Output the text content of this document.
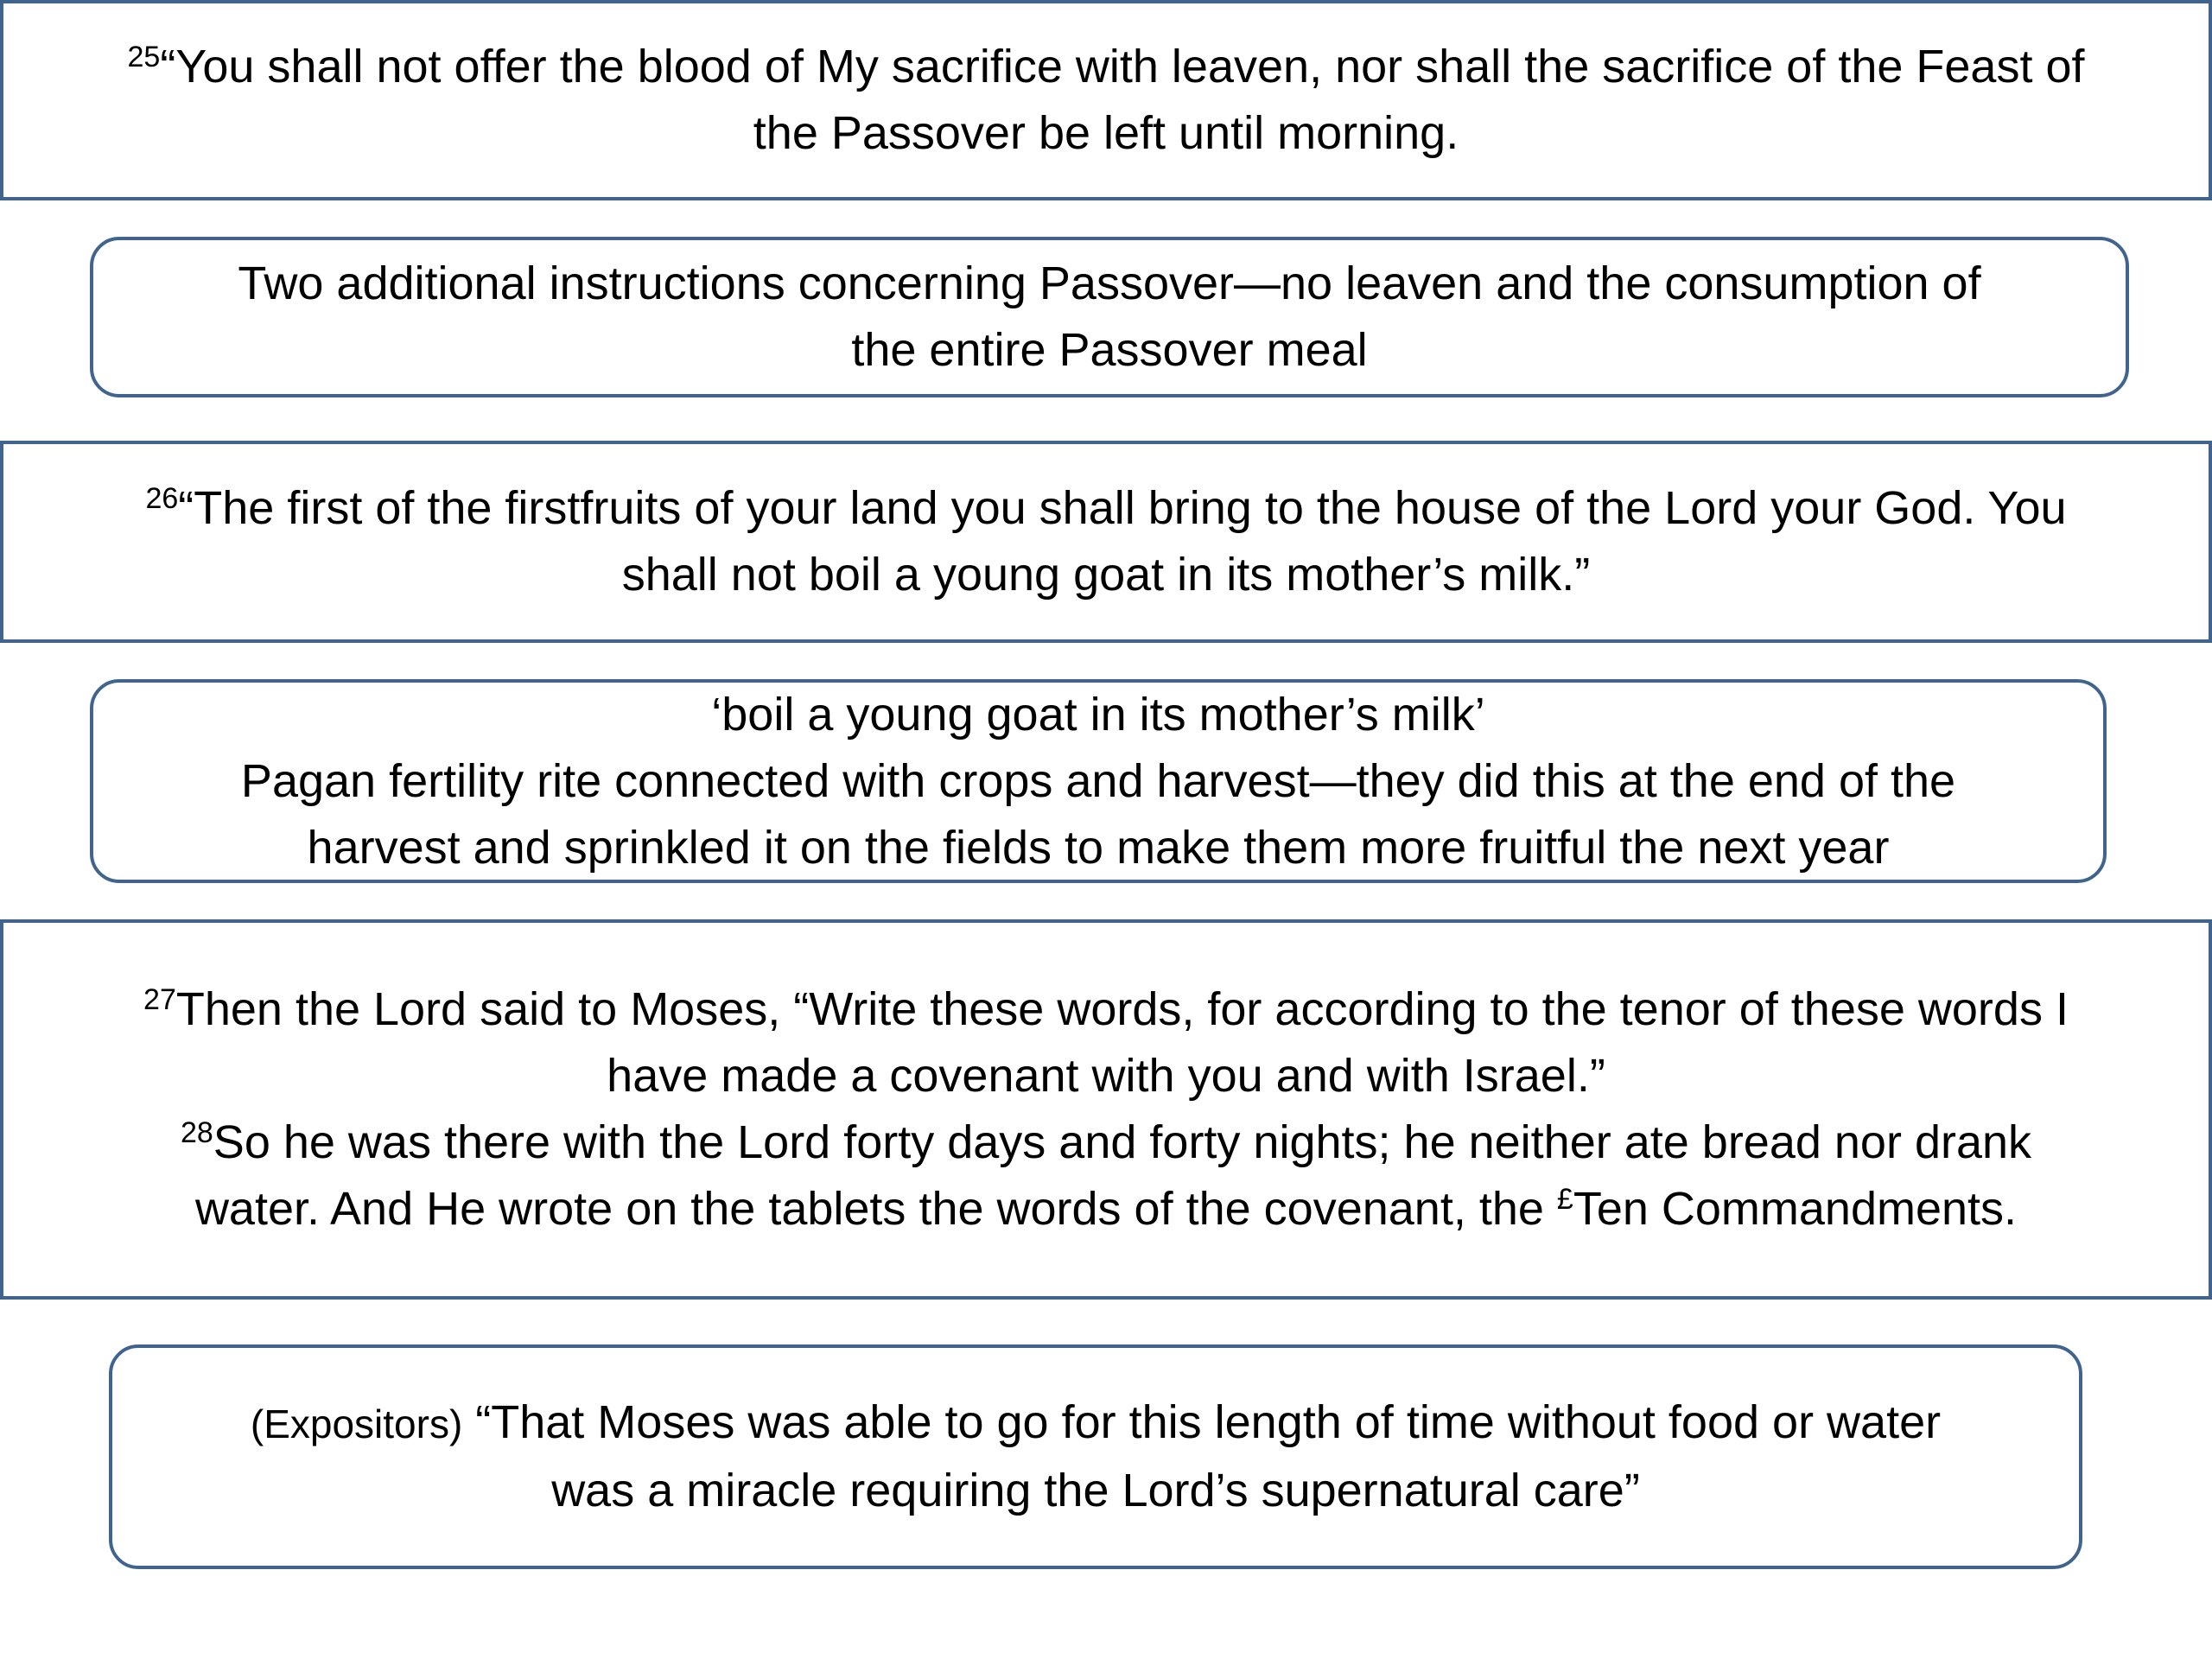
$^{25}$“You shall not offer the blood of My sacrifice with leaven, nor shall the sacrifice of the Feast of
the Passover be left until morning.
Two additional instructions concerning Passover—no leaven and the consumption of
the entire Passover meal
$^{26}$“The first of the firstfruits of your land you shall bring to the house of the Lord your God. You
shall not boil a young goat in its mother’s milk.”
‘boil a young goat in its mother’s milk’
Pagan fertility rite connected with crops and harvest—they did this at the end of the
harvest and sprinkled it on the fields to make them more fruitful the next year
$^{27}$Then the Lord said to Moses, “Write these words, for according to the tenor of these words I
have made a covenant with you and with Israel.”
$^{28}$So he was there with the Lord forty days and forty nights; he neither ate bread nor drank
water. And He wrote on the tablets the words of the covenant, the £Ten Commandments.
(Expositors) “That Moses was able to go for this length of time without food or water
was a miracle requiring the Lord’s supernatural care”
